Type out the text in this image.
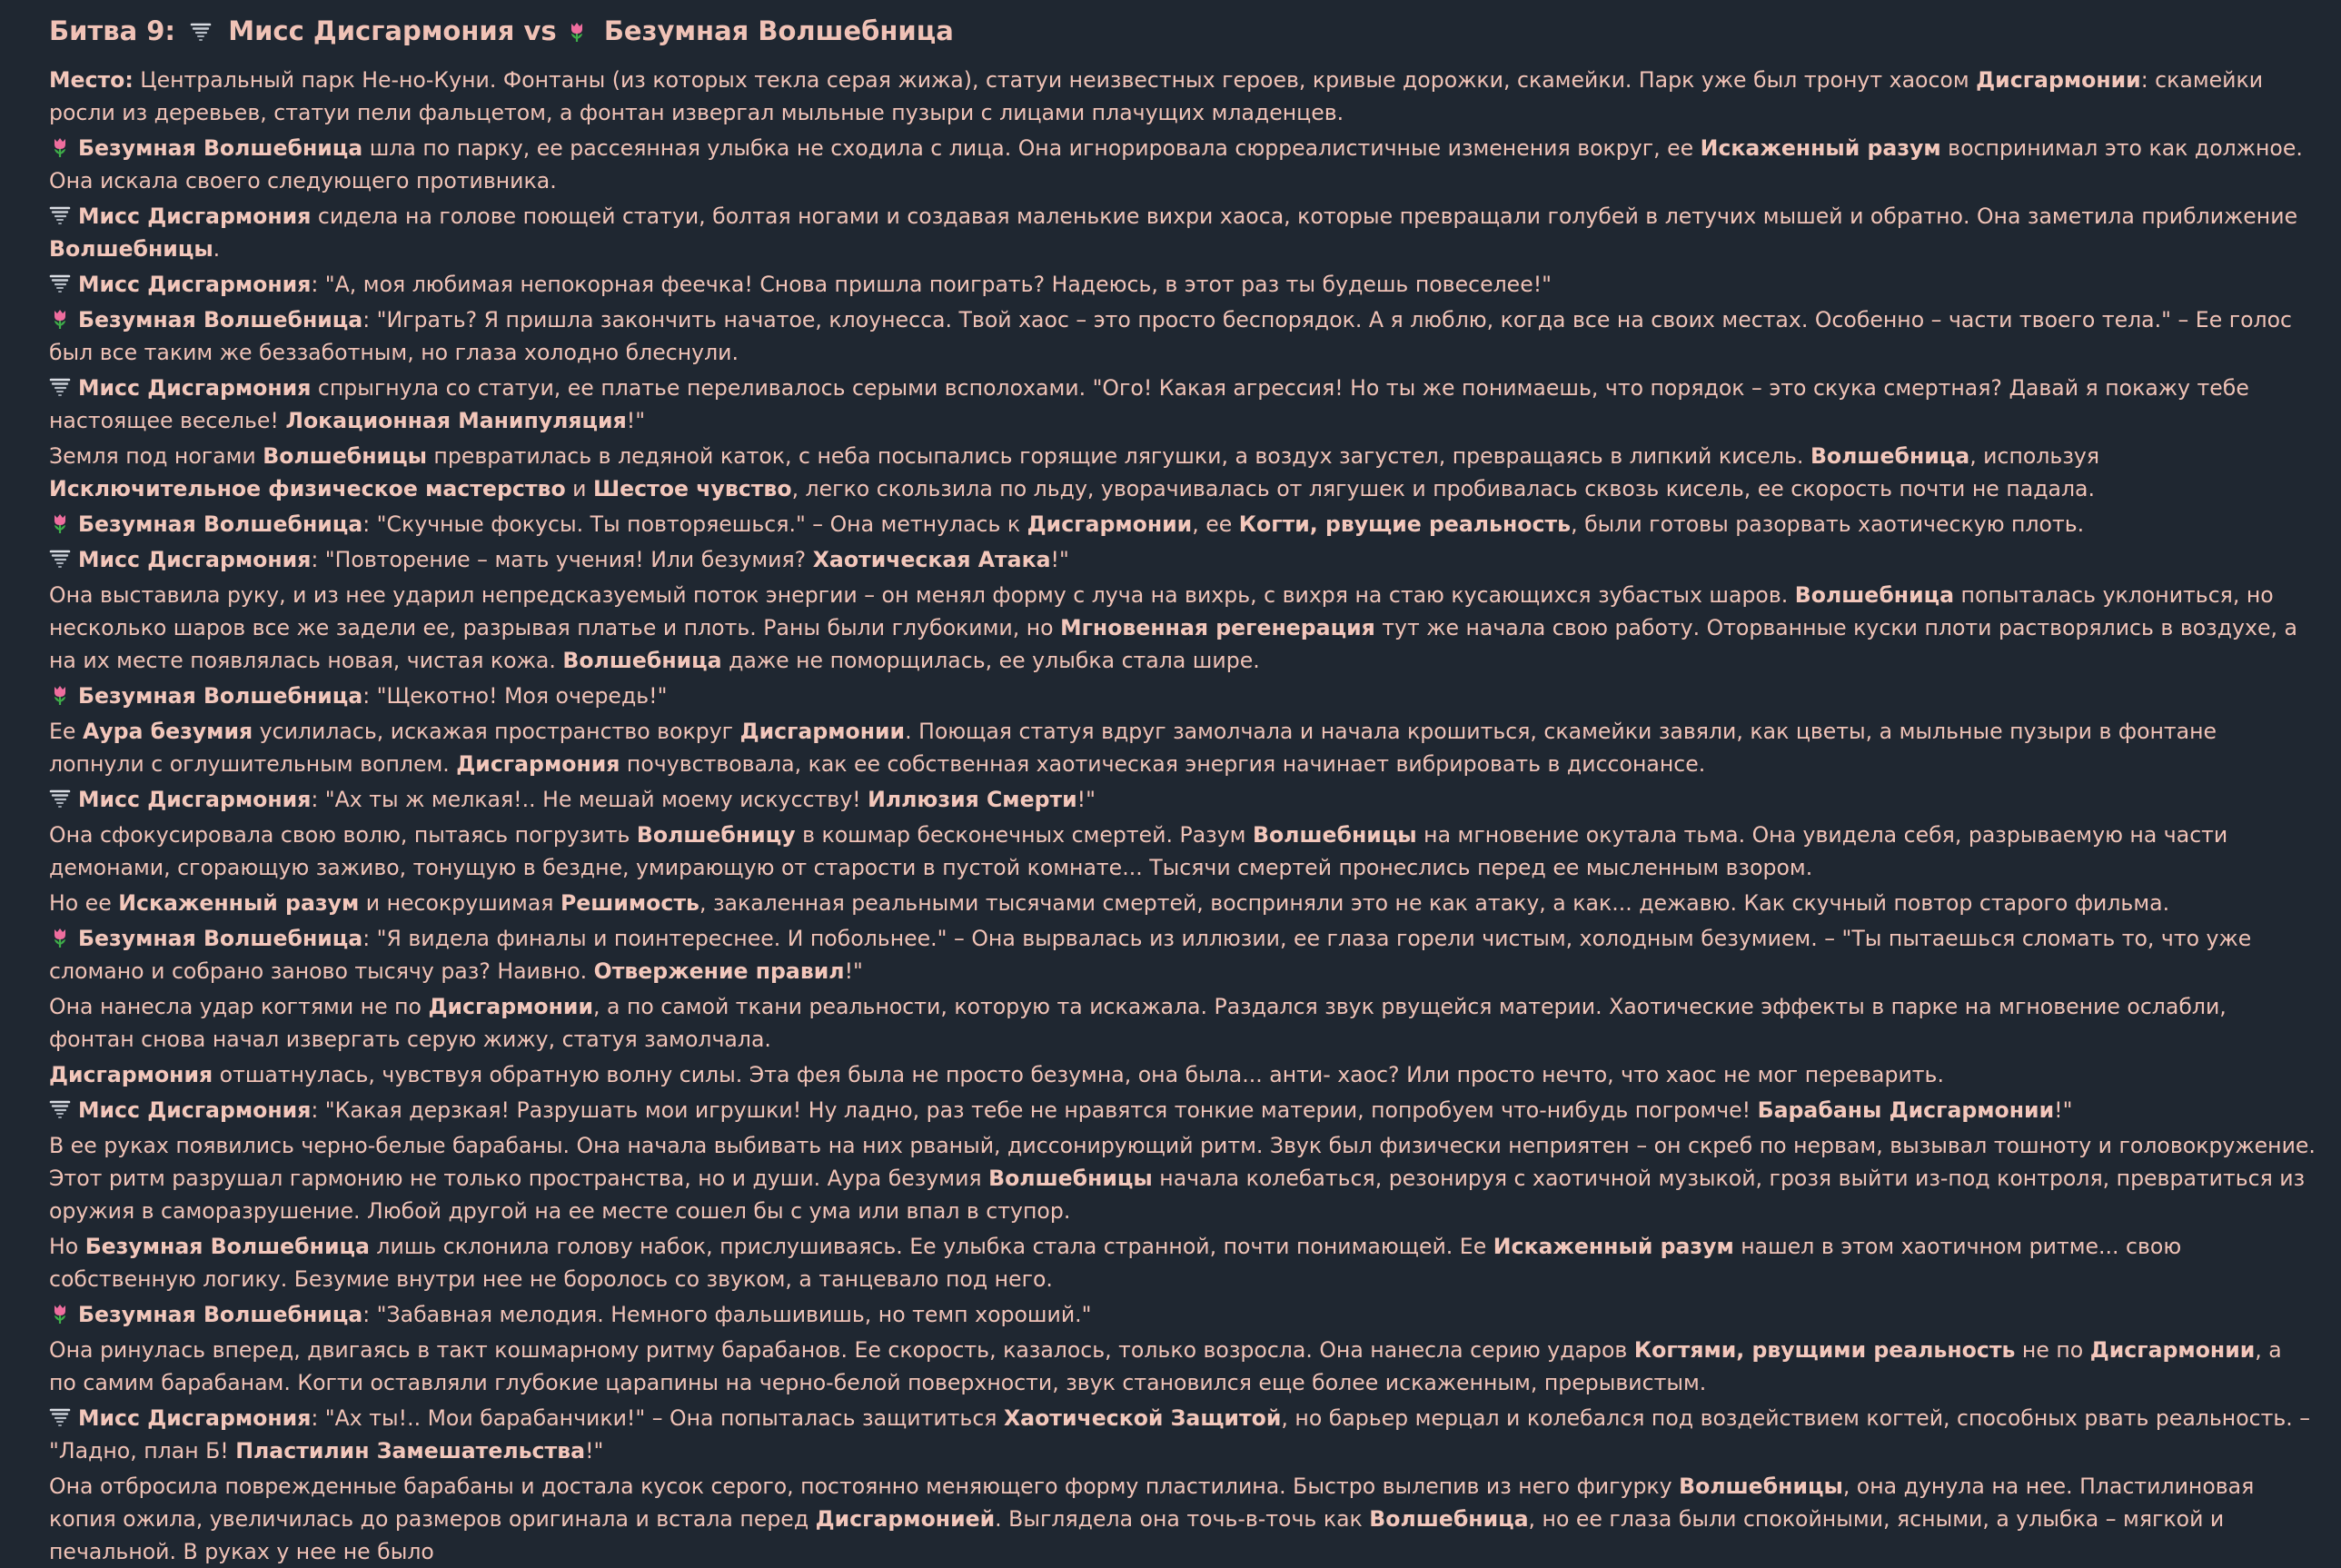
Битва 9: Мисс Дисгармония vs Безумная Волшебница

Место: Центральный парк Не-но-Куни. Фонтаны (из которых текла серая жижа), статуи неизвестных героев, кривые дорожки, скамейки. Парк уже был тронут хаосом Дисгармонии: скамейки росли из деревьев, статуи пели фальцетом, а фонтан извергал мыльные пузыри с лицами плачущих младенцев.

Безумная Волшебница шла по парку, ее рассеянная улыбка не сходила с лица. Она игнорировала сюрреалистичные изменения вокруг, ее Искаженный разум воспринимал это как должное. Она искала своего следующего противника.

Мисс Дисгармония сидела на голове поющей статуи, болтая ногами и создавая маленькие вихри хаоса, которые превращали голубей в летучих мышей и обратно. Она заметила приближение Волшебницы.

Мисс Дисгармония: "А, моя любимая непокорная феечка! Снова пришла поиграть? Надеюсь, в этот раз ты будешь повеселее!"

Безумная Волшебница: "Играть? Я пришла закончить начатое, клоунесса. Твой хаос – это просто беспорядок. А я люблю, когда все на своих местах. Особенно – части твоего тела." – Ее голос был все таким же беззаботным, но глаза холодно блеснули.

Мисс Дисгармония спрыгнула со статуи, ее платье переливалось серыми всполохами. "Ого! Какая агрессия! Но ты же понимаешь, что порядок – это скука смертная? Давай я покажу тебе настоящее веселье! Локационная Манипуляция!"

Земля под ногами Волшебницы превратилась в ледяной каток, с неба посыпались горящие лягушки, а воздух загустел, превращаясь в липкий кисель. Волшебница, используя Исключительное физическое мастерство и Шестое чувство, легко скользила по льду, уворачивалась от лягушек и пробивалась сквозь кисель, ее скорость почти не падала.

Безумная Волшебница: "Скучные фокусы. Ты повторяешься." – Она метнулась к Дисгармонии, ее Когти, рвущие реальность, были готовы разорвать хаотическую плоть.

Мисс Дисгармония: "Повторение – мать учения! Или безумия? Хаотическая Атака!"

Она выставила руку, и из нее ударил непредсказуемый поток энергии – он менял форму с луча на вихрь, с вихря на стаю кусающихся зубастых шаров. Волшебница попыталась уклониться, но несколько шаров все же задели ее, разрывая платье и плоть. Раны были глубокими, но Мгновенная регенерация тут же начала свою работу. Оторванные куски плоти растворялись в воздухе, а на их месте появлялась новая, чистая кожа. Волшебница даже не поморщилась, ее улыбка стала шире.

Безумная Волшебница: "Щекотно! Моя очередь!"

Ее Аура безумия усилилась, искажая пространство вокруг Дисгармонии. Поющая статуя вдруг замолчала и начала крошиться, скамейки завяли, как цветы, а мыльные пузыри в фонтане лопнули с оглушительным воплем. Дисгармония почувствовала, как ее собственная хаотическая энергия начинает вибрировать в диссонансе.

Мисс Дисгармония: "Ах ты ж мелкая!.. Не мешай моему искусству! Иллюзия Смерти!"

Она сфокусировала свою волю, пытаясь погрузить Волшебницу в кошмар бесконечных смертей. Разум Волшебницы на мгновение окутала тьма. Она увидела себя, разрываемую на части демонами, сгорающую заживо, тонущую в бездне, умирающую от старости в пустой комнате... Тысячи смертей пронеслись перед ее мысленным взором.

Но ее Искаженный разум и несокрушимая Решимость, закаленная реальными тысячами смертей, восприняли это не как атаку, а как... дежавю. Как скучный повтор старого фильма.

Безумная Волшебница: "Я видела финалы и поинтереснее. И побольнее." – Она вырвалась из иллюзии, ее глаза горели чистым, холодным безумием. – "Ты пытаешься сломать то, что уже сломано и собрано заново тысячу раз? Наивно. Отвержение правил!"

Она нанесла удар когтями не по Дисгармонии, а по самой ткани реальности, которую та искажала. Раздался звук рвущейся материи. Хаотические эффекты в парке на мгновение ослабли, фонтан снова начал извергать серую жижу, статуя замолчала.

Дисгармония отшатнулась, чувствуя обратную волну силы. Эта фея была не просто безумна, она была... анти- хаос? Или просто нечто, что хаос не мог переварить.

Мисс Дисгармония: "Какая дерзкая! Разрушать мои игрушки! Ну ладно, раз тебе не нравятся тонкие материи, попробуем что-нибудь погромче! Барабаны Дисгармонии!"

В ее руках появились черно-белые барабаны. Она начала выбивать на них рваный, диссонирующий ритм. Звук был физически неприятен – он скреб по нервам, вызывал тошноту и головокружение. Этот ритм разрушал гармонию не только пространства, но и души. Аура безумия Волшебницы начала колебаться, резонируя с хаотичной музыкой, грозя выйти из-под контроля, превратиться из оружия в саморазрушение. Любой другой на ее месте сошел бы с ума или впал в ступор.

Но Безумная Волшебница лишь склонила голову набок, прислушиваясь. Ее улыбка стала странной, почти понимающей. Ее Искаженный разум нашел в этом хаотичном ритме... свою собственную логику. Безумие внутри нее не боролось со звуком, а танцевало под него.

Безумная Волшебница: "Забавная мелодия. Немного фальшивишь, но темп хороший."

Она ринулась вперед, двигаясь в такт кошмарному ритму барабанов. Ее скорость, казалось, только возросла. Она нанесла серию ударов Когтями, рвущими реальность не по Дисгармонии, а по самим барабанам. Когти оставляли глубокие царапины на черно-белой поверхности, звук становился еще более искаженным, прерывистым.

Мисс Дисгармония: "Ах ты!.. Мои барабанчики!" – Она попыталась защититься Хаотической Защитой, но барьер мерцал и колебался под воздействием когтей, способных рвать реальность. – "Ладно, план Б! Пластилин Замешательства!"

Она отбросила поврежденные барабаны и достала кусок серого, постоянно меняющего форму пластилина. Быстро вылепив из него фигурку Волшебницы, она дунула на нее. Пластилиновая копия ожила, увеличилась до размеров оригинала и встала перед Дисгармонией. Выглядела она точь-в-точь как Волшебница, но ее глаза были спокойными, ясными, а улыбка – мягкой и печальной. В руках у нее не было
